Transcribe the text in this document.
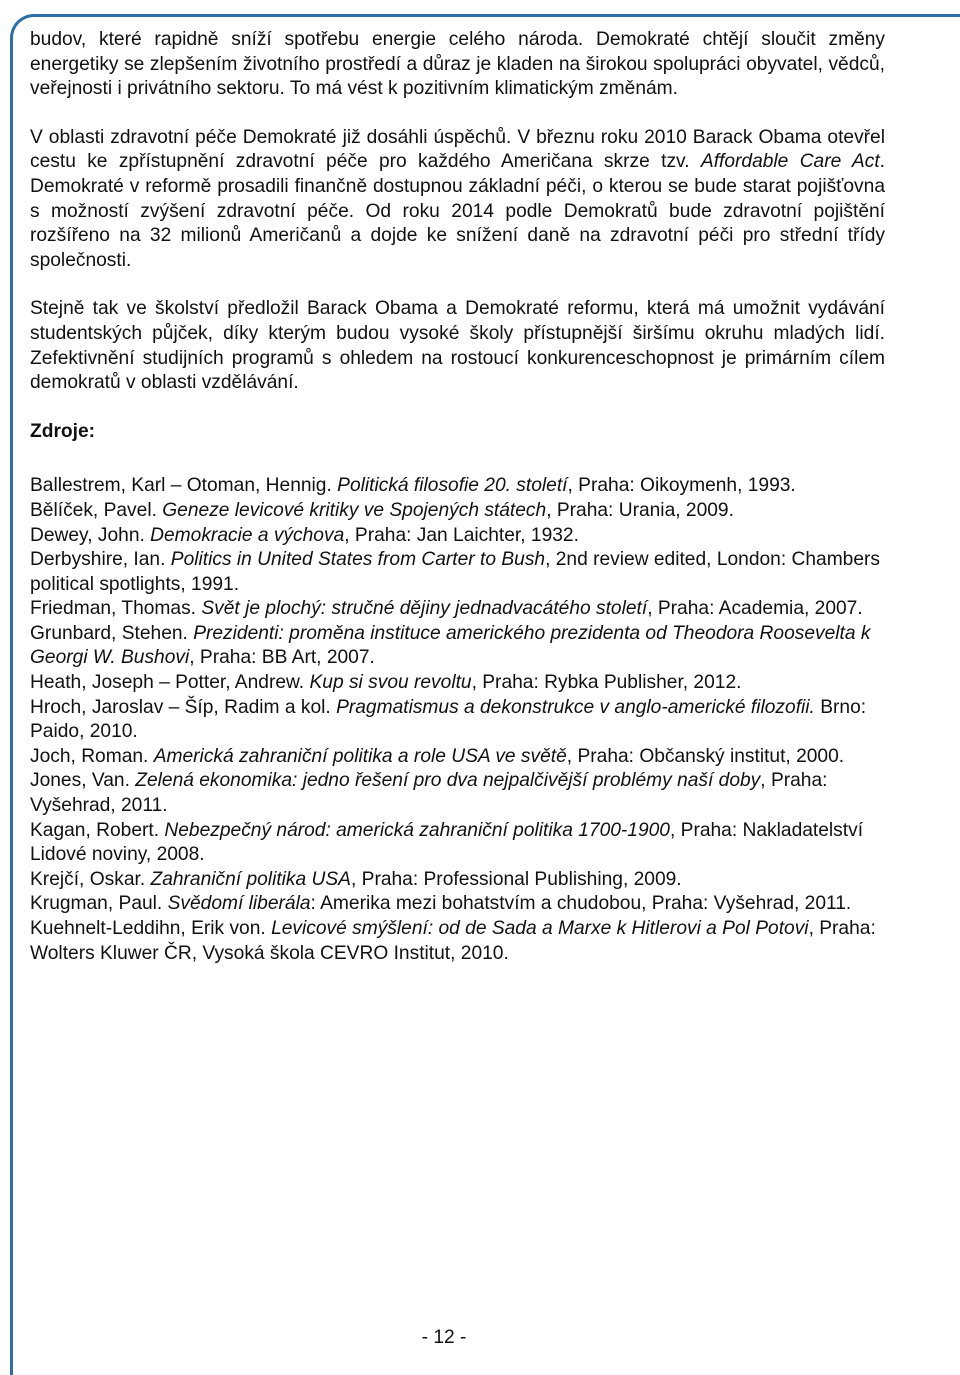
budov, které rapidně sníží spotřebu energie celého národa. Demokraté chtějí sloučit změny energetiky se zlepšením životního prostředí a důraz je kladen na širokou spolupráci obyvatel, vědců, veřejnosti i privátního sektoru. To má vést k pozitivním klimatickým změnám.

V oblasti zdravotní péče Demokraté již dosáhli úspěchů. V březnu roku 2010 Barack Obama otevřel cestu ke zpřístupnění zdravotní péče pro každého Američana skrze tzv. Affordable Care Act. Demokraté v reformě prosadili finančně dostupnou základní péči, o kterou se bude starat pojišťovna s možností zvýšení zdravotní péče. Od roku 2014 podle Demokratů bude zdravotní pojištění rozšířeno na 32 milionů Američanů a dojde ke snížení daně na zdravotní péči pro střední třídy společnosti.

Stejně tak ve školství předložil Barack Obama a Demokraté reformu, která má umožnit vydávání studentských půjček, díky kterým budou vysoké školy přístupnější širšímu okruhu mladých lidí. Zefektivnění studijních programů s ohledem na rostoucí konkurenceschopnost je primárním cílem demokratů v oblasti vzdělávání.

Zdroje:

Ballestrem, Karl – Otoman, Hennig. Politická filosofie 20. století, Praha: Oikoymenh, 1993.

Bělíček, Pavel. Geneze levicové kritiky ve Spojených státech, Praha: Urania, 2009.

Dewey, John. Demokracie a výchova, Praha: Jan Laichter, 1932.

Derbyshire, Ian. Politics in United States from Carter to Bush, 2nd review edited, London: Chambers political spotlights, 1991.

Friedman, Thomas. Svět je plochý: stručné dějiny jednadvacátého století, Praha: Academia, 2007.

Grunbard, Stehen. Prezidenti: proměna instituce amerického prezidenta od Theodora Roosevelta k Georgi W. Bushovi, Praha: BB Art, 2007.

Heath, Joseph – Potter, Andrew. Kup si svou revoltu, Praha: Rybka Publisher, 2012.

Hroch, Jaroslav – Šíp, Radim a kol. Pragmatismus a dekonstrukce v anglo-americké filozofii. Brno: Paido, 2010.

Joch, Roman. Americká zahraniční politika a role USA ve světě, Praha: Občanský institut, 2000.

Jones, Van. Zelená ekonomika: jedno řešení pro dva nejpalčivější problémy naší doby, Praha: Vyšehrad, 2011.

Kagan, Robert. Nebezpečný národ: americká zahraniční politika 1700-1900, Praha: Nakladatelství Lidové noviny, 2008.

Krejčí, Oskar. Zahraniční politika USA, Praha: Professional Publishing, 2009.

Krugman, Paul. Svědomí liberála: Amerika mezi bohatstvím a chudobou, Praha: Vyšehrad, 2011.

Kuehnelt-Leddihn, Erik von. Levicové smýšlení: od de Sada a Marxe k Hitlerovi a Pol Potovi, Praha: Wolters Kluwer ČR, Vysoká škola CEVRO Institut, 2010.

- 12 -
